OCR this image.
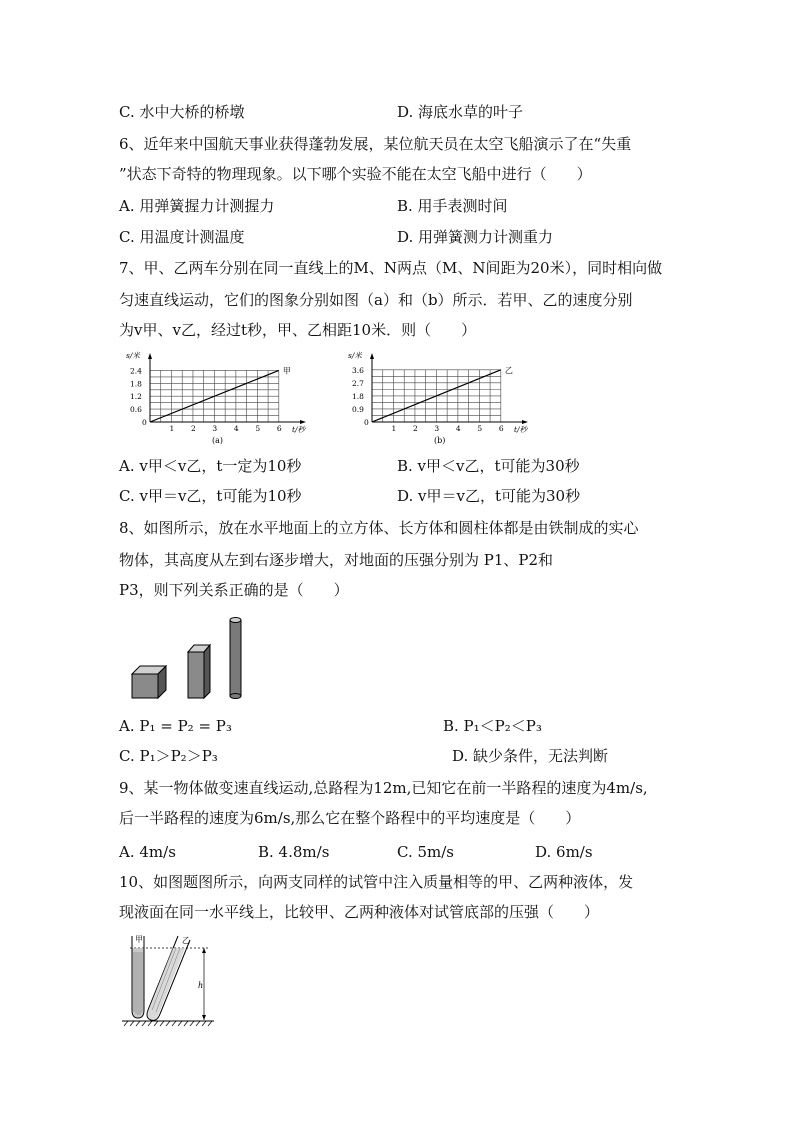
C. 水中大桥的桥墩	D. 海底水草的叶子
6、近年来中国航天事业获得蓬勃发展，某位航天员在太空飞船演示了在“失重
”状态下奇特的物理现象。以下哪个实验不能在太空飞船中进行（　　）
A. 用弹簧握力计测握力	B. 用手表测时间
C. 用温度计测温度	D. 用弹簧测力计测重力
7、甲、乙两车分别在同一直线上的M、N两点（M、N间距为20米），同时相向做
匀速直线运动，它们的图象分别如图（a）和（b）所示．若甲、乙的速度分别
为v甲、v乙，经过t秒，甲、乙相距10米．则（　　）
0
1 2 3 4 5 6
0.6
1.2
1.8
2.4
s/米
t/秒
甲
(a)
0
1 2 3 4 5 6
0.9
1.8
2.7
3.6
s/米
t/秒
乙
(b)
A. v甲＜v乙，t一定为10秒	B. v甲＜v乙，t可能为30秒
C. v甲＝v乙，t可能为10秒	D. v甲＝v乙，t可能为30秒
8、如图所示，放在水平地面上的立方体、长方体和圆柱体都是由铁制成的实心
物体，其高度从左到右逐步增大，对地面的压强分别为 P1、P2和
P3，则下列关系正确的是（　　）
A. P₁ = P₂ = P₃	B. P₁＜P₂＜P₃
C. P₁＞P₂＞P₃	D. 缺少条件，无法判断
9、某一物体做变速直线运动,总路程为12m,已知它在前一半路程的速度为4m/s,
后一半路程的速度为6m/s,那么它在整个路程中的平均速度是（　　）
A. 4m/s	B. 4.8m/s	C. 5m/s	D. 6m/s
10、如图题图所示，向两支同样的试管中注入质量相等的甲、乙两种液体，发
现液面在同一水平线上，比较甲、乙两种液体对试管底部的压强（　　）
甲	乙
h
